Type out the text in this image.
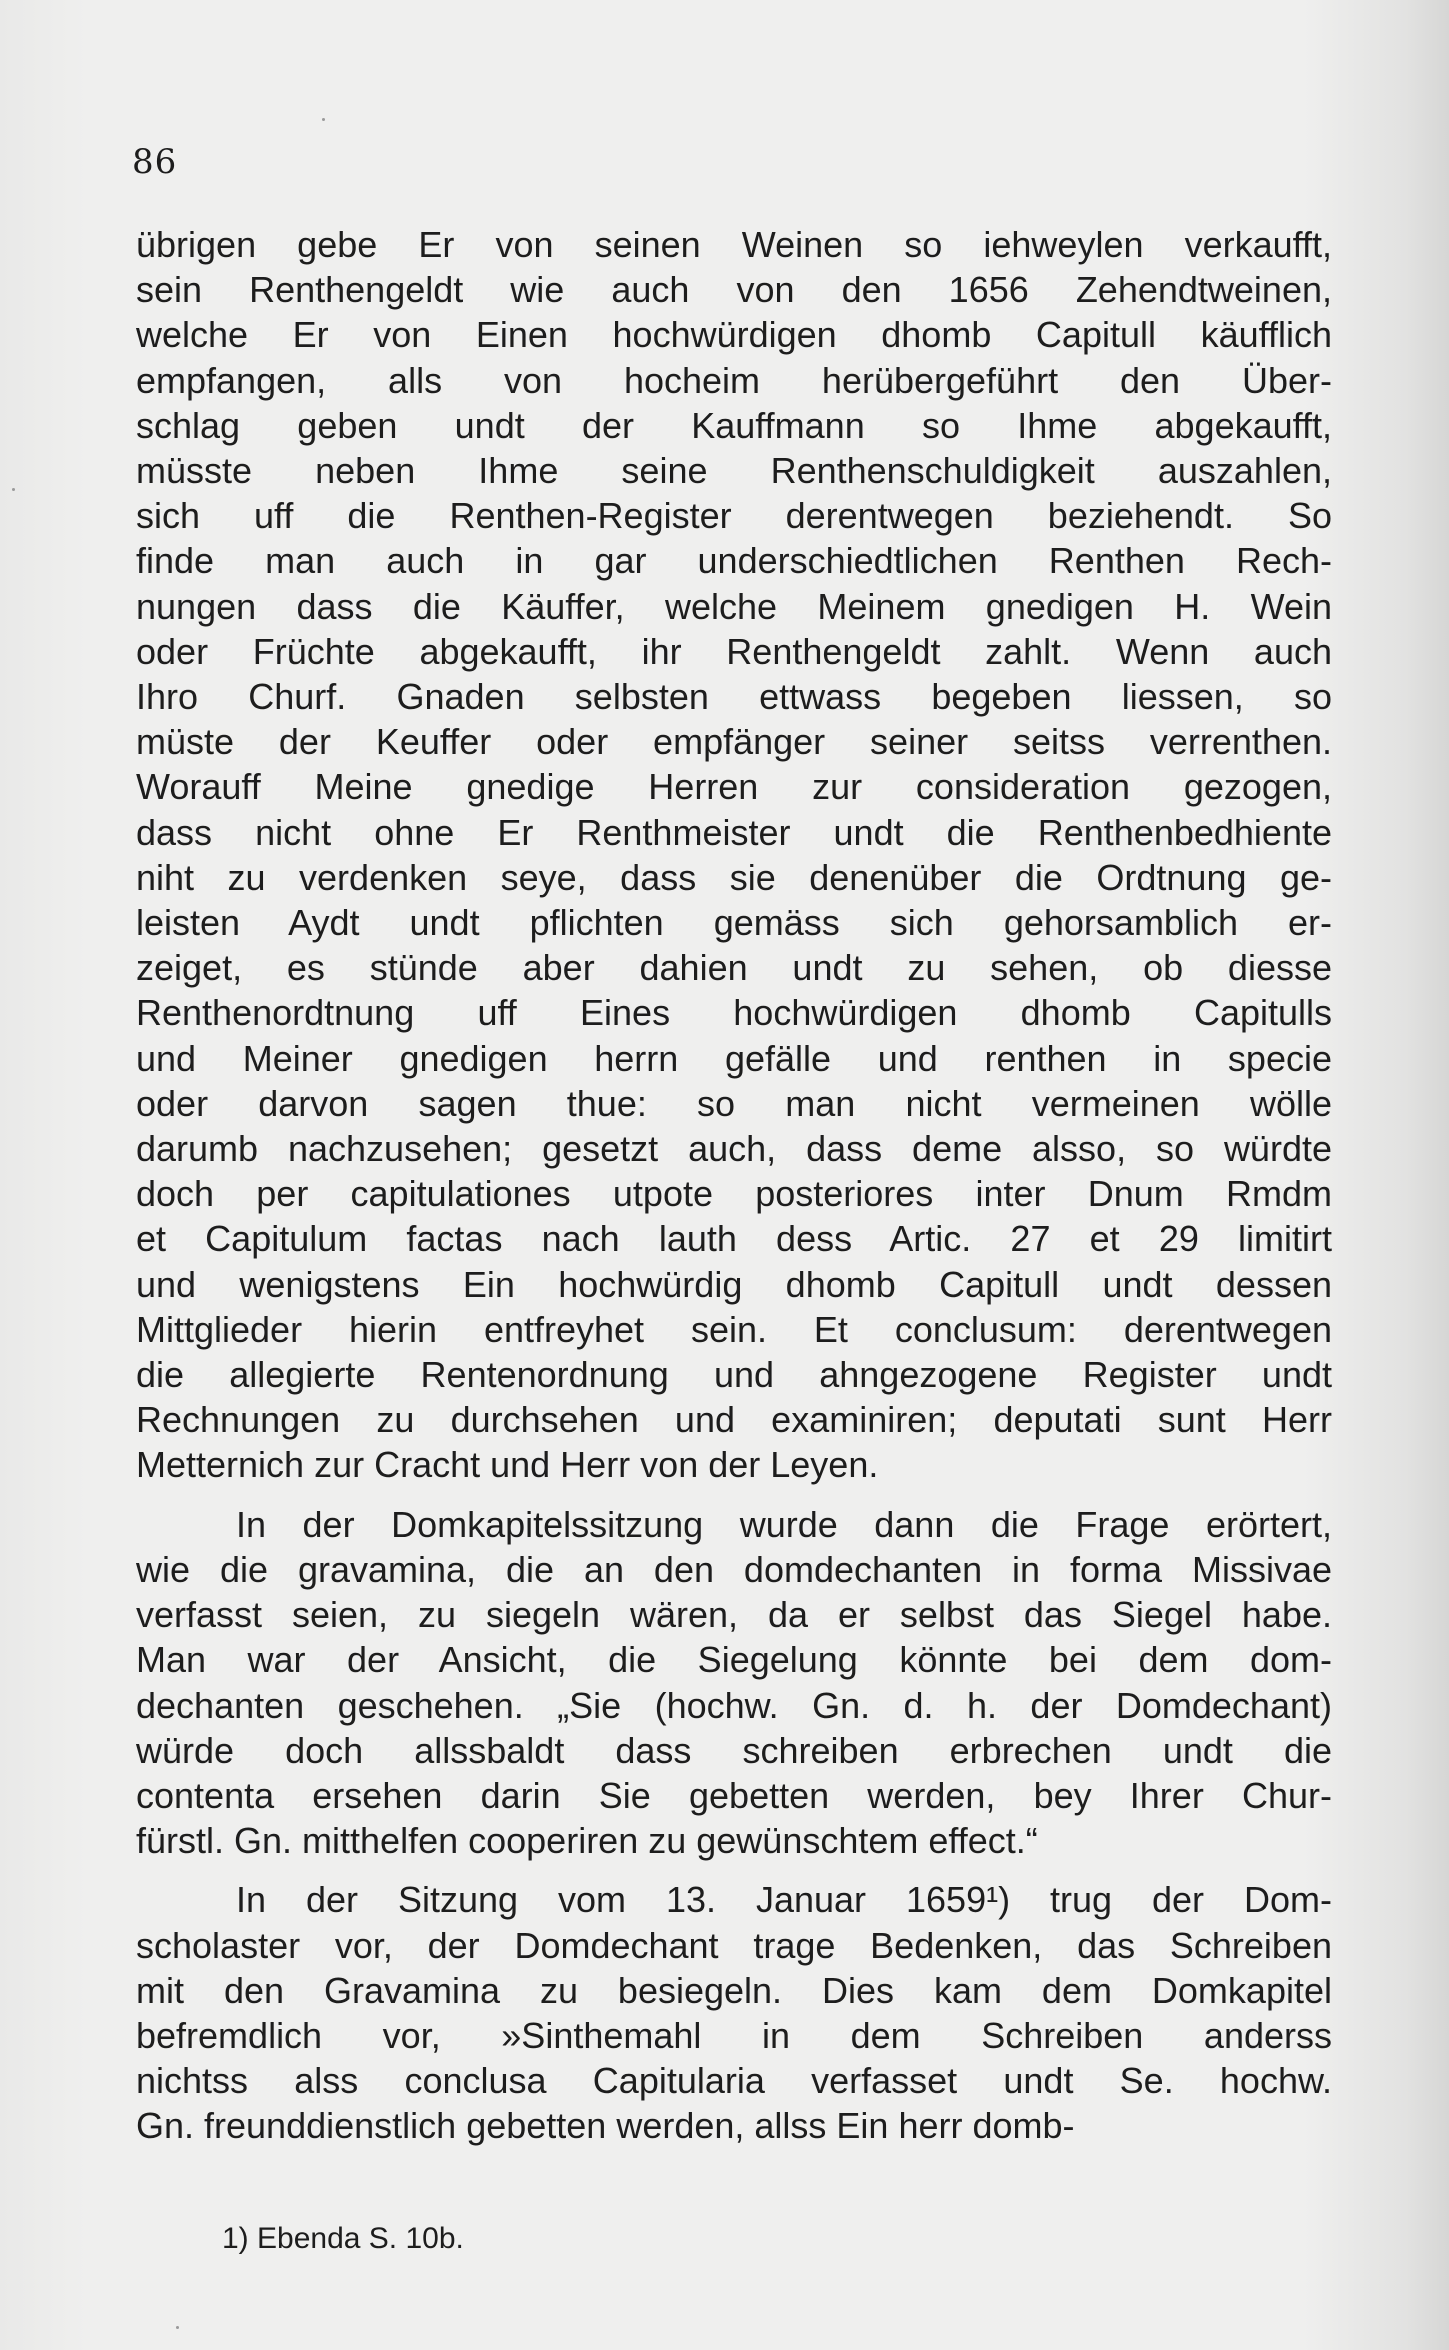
86
übrigen gebe Er von seinen Weinen so iehweylen verkaufft,
sein Renthengeldt wie auch von den 1656 Zehendtweinen,
welche Er von Einen hochwürdigen dhomb Capitull käufflich
empfangen, alls von hocheim herübergeführt den Über-
schlag geben undt der Kauffmann so Ihme abgekaufft,
müsste neben Ihme seine Renthenschuldigkeit auszahlen,
sich uff die Renthen-Register derentwegen beziehendt. So
finde man auch in gar underschiedtlichen Renthen Rech-
nungen dass die Käuffer, welche Meinem gnedigen H. Wein
oder Früchte abgekaufft, ihr Renthengeldt zahlt. Wenn auch
Ihro Churf. Gnaden selbsten ettwass begeben liessen, so
müste der Keuffer oder empfänger seiner seitss verrenthen.
Worauff Meine gnedige Herren zur consideration gezogen,
dass nicht ohne Er Renthmeister undt die Renthenbedhiente
niht zu verdenken seye, dass sie denenüber die Ordtnung ge-
leisten Aydt undt pflichten gemäss sich gehorsamblich er-
zeiget, es stünde aber dahien undt zu sehen, ob diesse
Renthenordtnung uff Eines hochwürdigen dhomb Capitulls
und Meiner gnedigen herrn gefälle und renthen in specie
oder darvon sagen thue: so man nicht vermeinen wölle
darumb nachzusehen; gesetzt auch, dass deme alsso, so würdte
doch per capitulationes utpote posteriores inter Dnum Rmdm
et Capitulum factas nach lauth dess Artic. 27 et 29 limitirt
und wenigstens Ein hochwürdig dhomb Capitull undt dessen
Mittglieder hierin entfreyhet sein. Et conclusum: derentwegen
die allegierte Rentenordnung und ahngezogene Register undt
Rechnungen zu durchsehen und examiniren; deputati sunt Herr
Metternich zur Cracht und Herr von der Leyen.
In der Domkapitelssitzung wurde dann die Frage erörtert,
wie die gravamina, die an den domdechanten in forma Missivae
verfasst seien, zu siegeln wären, da er selbst das Siegel habe.
Man war der Ansicht, die Siegelung könnte bei dem dom-
dechanten geschehen. „Sie (hochw. Gn. d. h. der Domdechant)
würde doch allssbaldt dass schreiben erbrechen undt die
contenta ersehen darin Sie gebetten werden, bey Ihrer Chur-
fürstl. Gn. mitthelfen cooperiren zu gewünschtem effect.“
In der Sitzung vom 13. Januar 1659¹) trug der Dom-
scholaster vor, der Domdechant trage Bedenken, das Schreiben
mit den Gravamina zu besiegeln. Dies kam dem Domkapitel
befremdlich vor, »Sinthemahl in dem Schreiben anderss
nichtss alss conclusa Capitularia verfasset undt Se. hochw.
Gn. freunddienstlich gebetten werden, allss Ein herr domb-
1) Ebenda S. 10b.
